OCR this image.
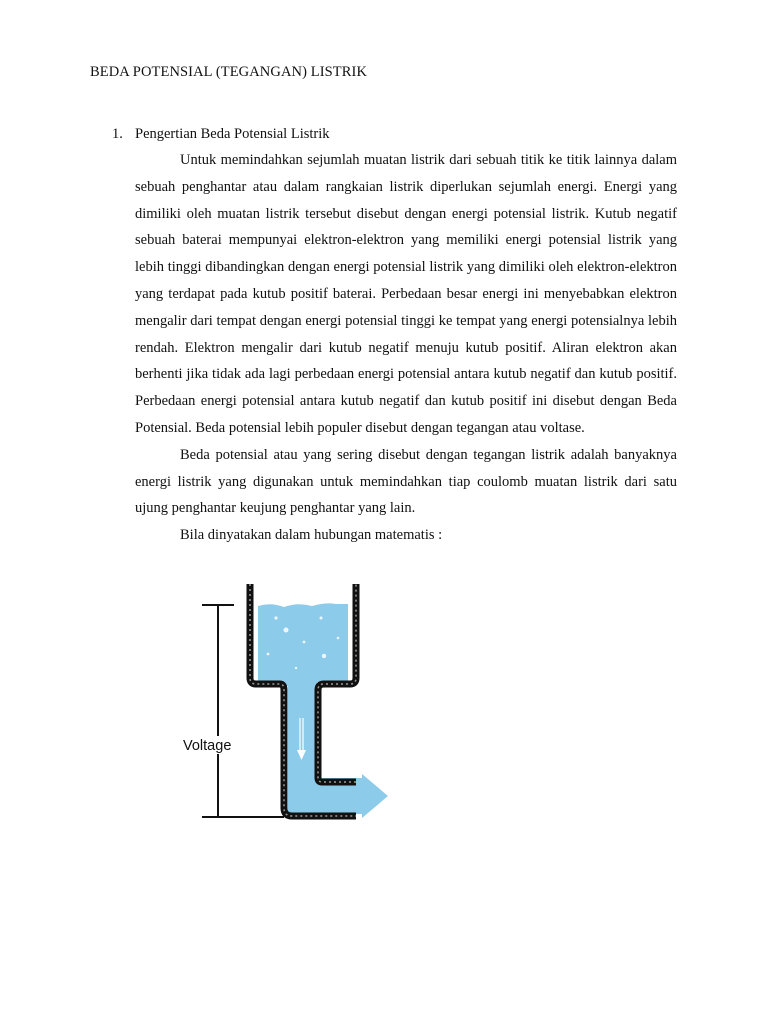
BEDA POTENSIAL (TEGANGAN) LISTRIK
1. Pengertian Beda Potensial Listrik

Untuk memindahkan sejumlah muatan listrik dari sebuah titik ke titik lainnya dalam sebuah penghantar atau dalam rangkaian listrik diperlukan sejumlah energi. Energi yang dimiliki oleh muatan listrik tersebut disebut dengan energi potensial listrik. Kutub negatif sebuah baterai mempunyai elektron-elektron yang memiliki energi potensial listrik yang lebih tinggi dibandingkan dengan energi potensial listrik yang dimiliki oleh elektron-elektron yang terdapat pada kutub positif baterai. Perbedaan besar energi ini menyebabkan elektron mengalir dari tempat dengan energi potensial tinggi ke tempat yang energi potensialnya lebih rendah. Elektron mengalir dari kutub negatif menuju kutub positif. Aliran elektron akan berhenti jika tidak ada lagi perbedaan energi potensial antara kutub negatif dan kutub positif. Perbedaan energi potensial antara kutub negatif dan kutub positif ini disebut dengan Beda Potensial. Beda potensial lebih populer disebut dengan tegangan atau voltase.

Beda potensial atau yang sering disebut dengan tegangan listrik adalah banyaknya energi listrik yang digunakan untuk memindahkan tiap coulomb muatan listrik dari satu ujung penghantar keujung penghantar yang lain.

Bila dinyatakan dalam hubungan matematis :

Voltage
